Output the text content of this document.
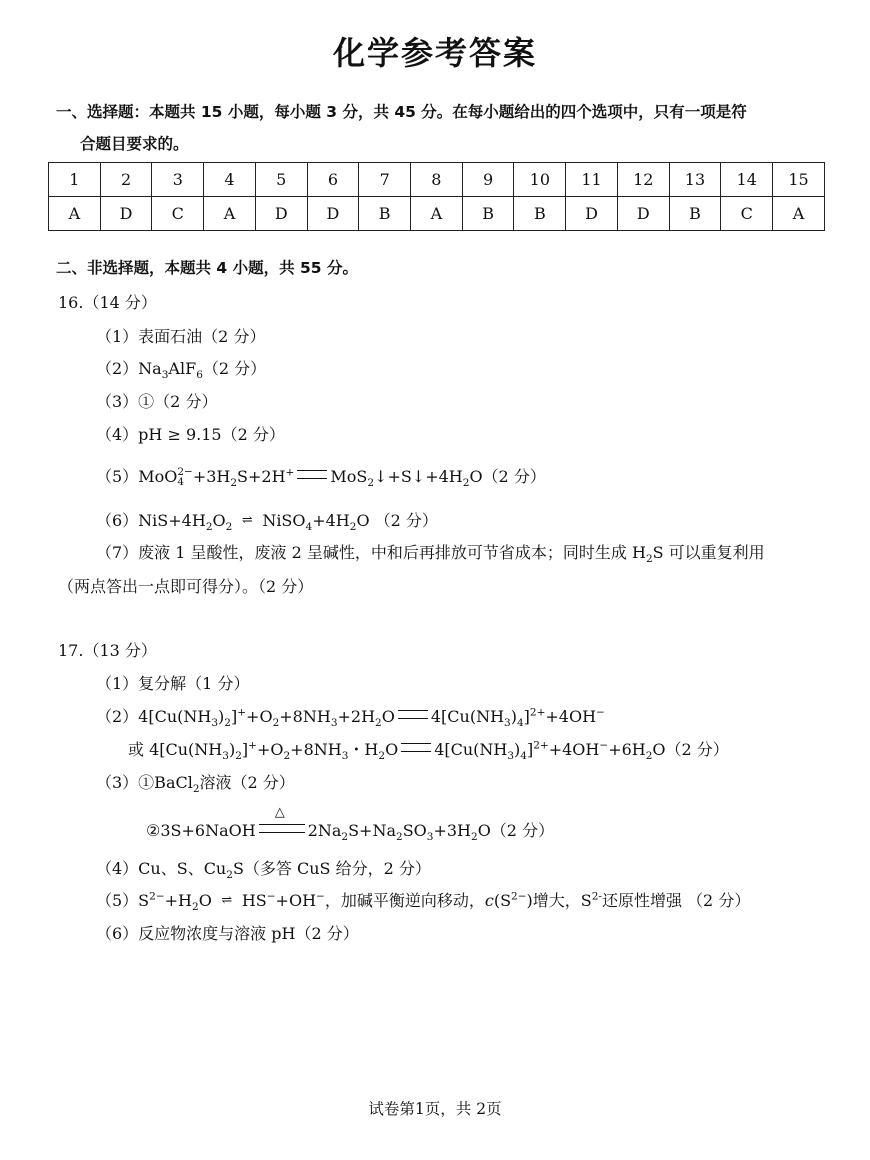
化学参考答案
一、选择题：本题共 15 小题，每小题 3 分，共 45 分。在每小题给出的四个选项中，只有一项是符
合题目要求的。
1	2	3	4	5	6	7	8	9	10	11	12	13	14	15
A	D	C	A	D	D	B	A	B	B	D	D	B	C	A
二、非选择题，本题共 4 小题，共 55 分。
16.（14 分）
（1）表面石油（2 分）
$(2)Na_3AlF_6(2$ 分）
（3）①（2 分）
（4）pH ≥ 9.15（2 分）
（5）MoO 2−
$4 +3H_2S+2H^+$ $MoS_2↓+S↓+4H_2O(2$ 分）
$(6)NiS+4H_2O_2$ ⇌ $NiSO_4+4H_2O$ （2 分）
（7）废液 1 呈酸性，废液 2 呈碱性，中和后再排放可节省成本；同时生成 $H_2S$ 可以重复利用
（两点答出一点即可得分）。（2 分）
17.（13 分）
（1）复分解（1 分）
$(2)4[Cu(NH_3)_2]^++O_2+8NH_3+2H_2O$ $4[Cu(NH_3)_4]^{2+}+4OH^-$
或 $4[Cu(NH_3)_2]^++O_2+8NH_3$・$H_2O$ $4[Cu(NH_3)_4]^{2+}+4OH^-+6H_2O(2$ 分）
（3）①BaCl$_2$溶液（2 分）
②3S+6NaOH
△
$2Na_2S+Na_2SO_3+3H_2O(2$ 分）
（4）Cu、S、$Cu_2S$（多答 CuS 给分，2 分）
$(5)S^{2-}+H_2O$ ⇌ HS−+OH−，加碱平衡逆向移动，$c(S^{2-})$增大，$S^{2-}$还原性增强 （2 分）
（6）反应物浓度与溶液 pH（2 分）
试卷第1页，共 2页
